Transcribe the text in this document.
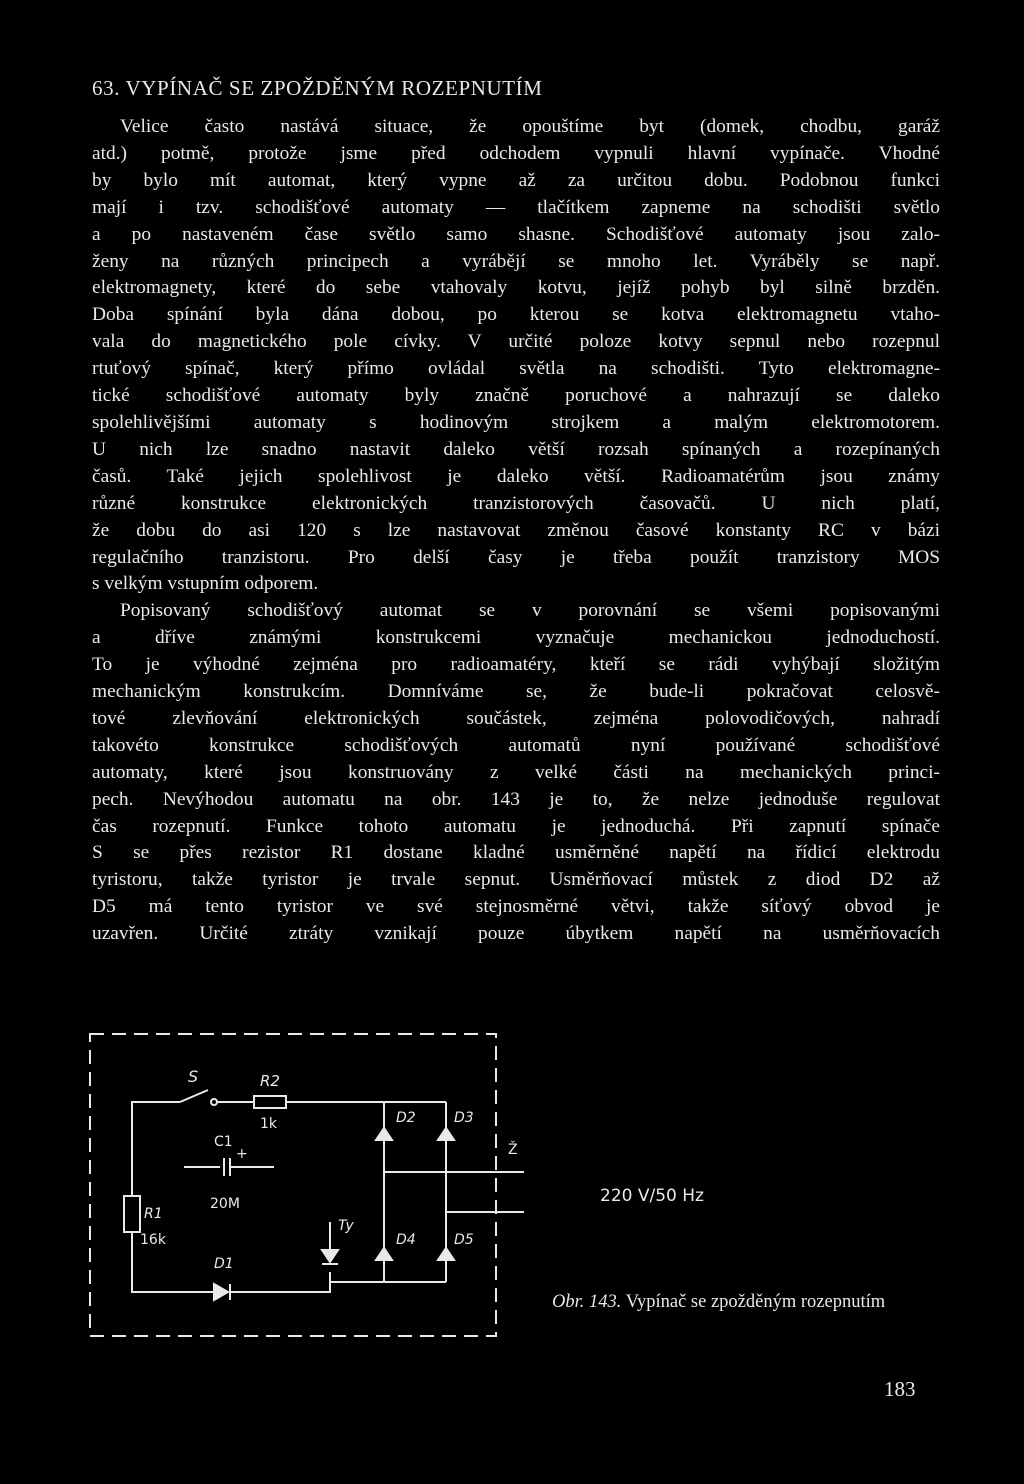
63. VYPÍNAČ SE ZPOŽDĚNÝM ROZEPNUTÍM
Velice často nastává situace, že opouštíme byt (domek, chodbu, garáž
atd.) potmě, protože jsme před odchodem vypnuli hlavní vypínače. Vhodné
by bylo mít automat, který vypne až za určitou dobu. Podobnou funkci
mají i tzv. schodišťové automaty — tlačítkem zapneme na schodišti světlo
a po nastaveném čase světlo samo shasne. Schodišťové automaty jsou zalo-
ženy na různých principech a vyrábějí se mnoho let. Vyráběly se např.
elektromagnety, které do sebe vtahovaly kotvu, jejíž pohyb byl silně brzděn.
Doba spínání byla dána dobou, po kterou se kotva elektromagnetu vtaho-
vala do magnetického pole cívky. V určité poloze kotvy sepnul nebo rozepnul
rtuťový spínač, který přímo ovládal světla na schodišti. Tyto elektromagne-
tické schodišťové automaty byly značně poruchové a nahrazují se daleko
spolehlivějšími automaty s hodinovým strojkem a malým elektromotorem.
U nich lze snadno nastavit daleko větší rozsah spínaných a rozepínaných
časů. Také jejich spolehlivost je daleko větší. Radioamatérům jsou známy
různé konstrukce elektronických tranzistorových časovačů. U nich platí,
že dobu do asi 120 s lze nastavovat změnou časové konstanty RC v bázi
regulačního tranzistoru. Pro delší časy je třeba použít tranzistory MOS
s velkým vstupním odporem.
Popisovaný schodišťový automat se v porovnání se všemi popisovanými
a dříve známými konstrukcemi vyznačuje mechanickou jednoduchostí.
To je výhodné zejména pro radioamatéry, kteří se rádi vyhýbají složitým
mechanickým konstrukcím. Domníváme se, že bude-li pokračovat celosvě-
tové zlevňování elektronických součástek, zejména polovodičových, nahradí
takovéto konstrukce schodišťových automatů nyní používané schodišťové
automaty, které jsou konstruovány z velké části na mechanických princi-
pech. Nevýhodou automatu na obr. 143 je to, že nelze jednoduše regulovat
čas rozepnutí. Funkce tohoto automatu je jednoduchá. Při zapnutí spínače
S se přes rezistor R1 dostane kladné usměrněné napětí na řídicí elektrodu
tyristoru, takže tyristor je trvale sepnut. Usměrňovací můstek z diod D2 až
D5 má tento tyristor ve své stejnosměrné větvi, takže síťový obvod je
uzavřen. Určité ztráty vznikají pouze úbytkem napětí na usměrňovacích
S	R2
1k
C1
+
20M
R1
16k
D1
Ty
D2	D3
D4	D5
Ž
220 V/50 Hz
Obr. 143. Vypínač se zpožděným rozepnutím
183
